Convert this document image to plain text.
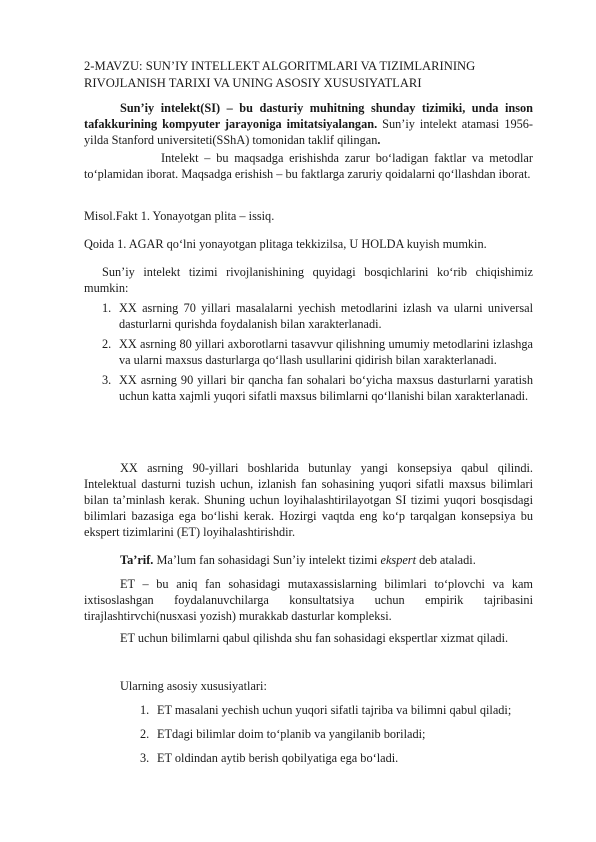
2-MAVZU: SUN’IY INTELLEKT ALGORITMLARI VA TIZIMLARINING
RIVOJLANISH TARIXI VA UNING ASOSIY XUSUSIYATLARI

Sun’iy intelekt(SI) – bu dasturiy muhitning shunday tizimiki, unda inson tafakkurining kompyuter jarayoniga imitatsiyalangan. Sun’iy intelekt atamasi 1956-yilda Stanford universiteti(SShA) tomonidan taklif qilingan.

Intelekt – bu maqsadga erishishda zarur bo‘ladigan faktlar va metodlar to‘plamidan iborat. Maqsadga erishish – bu faktlarga zaruriy qoidalarni qo‘llashdan iborat.

Misol.Fakt 1. Yonayotgan plita – issiq.

Qoida 1. AGAR qo‘lni yonayotgan plitaga tekkizilsa, U HOLDA kuyish mumkin.

Sun’iy intelekt tizimi rivojlanishining quyidagi bosqichlarini ko‘rib chiqishimiz mumkin:

1. XX asrning 70 yillari masalalarni yechish metodlarini izlash va ularni universal dasturlarni qurishda foydalanish bilan xarakterlanadi.
2. XX asrning 80 yillari axborotlarni tasavvur qilishning umumiy metodlarini izlashga va ularni maxsus dasturlarga qo‘llash usullarini qidirish bilan xarakterlanadi.
3. XX asrning 90 yillari bir qancha fan sohalari bo‘yicha maxsus dasturlarni yaratish uchun katta xajmli yuqori sifatli maxsus bilimlarni qo‘llanishi bilan xarakterlanadi.

XX asrning 90-yillari boshlarida butunlay yangi konsepsiya qabul qilindi. Intelektual dasturni tuzish uchun, izlanish fan sohasining yuqori sifatli maxsus bilimlari bilan ta’minlash kerak. Shuning uchun loyihalashtirilayotgan SI tizimi yuqori bosqisdagi bilimlari bazasiga ega bo‘lishi kerak. Hozirgi vaqtda eng ko‘p tarqalgan konsepsiya bu ekspert tizimlarini (ET) loyihalashtirishdir.

Ta’rif. Ma’lum fan sohasidagi Sun’iy intelekt tizimi ekspert deb ataladi.

ET – bu aniq fan sohasidagi mutaxassislarning bilimlari to‘plovchi va kam ixtisoslashgan foydalanuvchilarga konsultatsiya uchun empirik tajribasini tirajlashtirvchi(nusxasi yozish) murakkab dasturlar kompleksi.

ET uchun bilimlarni qabul qilishda shu fan sohasidagi ekspertlar xizmat qiladi.

Ularning asosiy xususiyatlari:

1. ET masalani yechish uchun yuqori sifatli tajriba va bilimni qabul qiladi;
2. ETdagi bilimlar doim to‘planib va yangilanib boriladi;
3. ET oldindan aytib berish qobilyatiga ega bo‘ladi.
